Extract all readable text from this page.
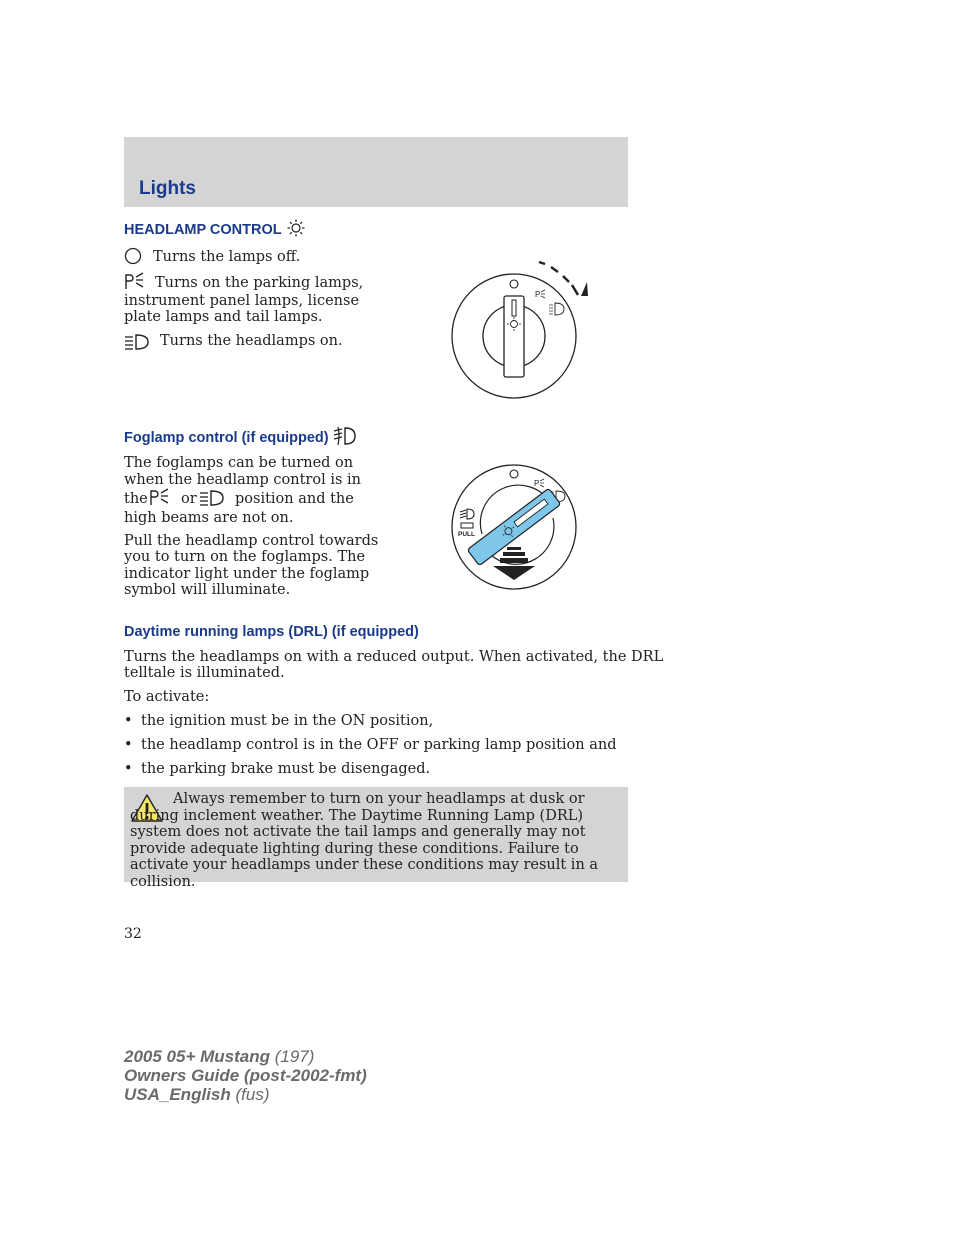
Lights
HEADLAMP CONTROL
Turns the lamps off.
Turns on the parking lamps,
instrument panel lamps, license
plate lamps and tail lamps.
Turns the headlamps on.
P
Foglamp control (if equipped)
The foglamps can be turned on
when the headlamp control is in
the or	position and the
high beams are not on.
Pull the headlamp control towards
you to turn on the foglamps. The
indicator light under the foglamp
symbol will illuminate.
P
PULL
Daytime running lamps (DRL) (if equipped)
Turns the headlamps on with a reduced output. When activated, the DRL
telltale is illuminated.
To activate:
• the ignition must be in the ON position,
• the headlamp control is in the OFF or parking lamp position and
• the parking brake must be disengaged.
Always remember to turn on your headlamps at dusk or during inclement weather. The Daytime Running Lamp (DRL) system does not activate the tail lamps and generally may not provide adequate lighting during these conditions. Failure to activate your headlamps under these conditions may result in a collision.
32
2005 05+ Mustang (197)
Owners Guide (post-2002-fmt)
USA_English (fus)
